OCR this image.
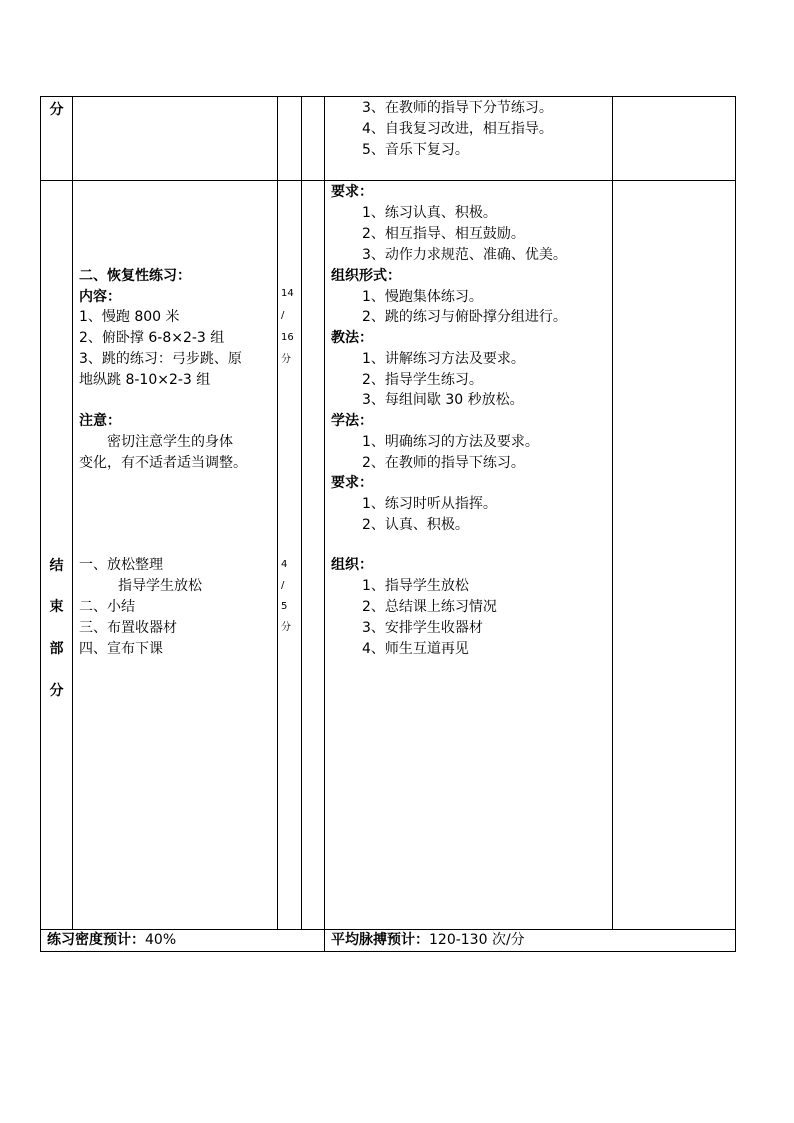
分	3、在教师的指导下分节练习。
4、自我复习改进，相互指导。
5、音乐下复习。
二、恢复性练习：
内容：
1、慢跑 800 米
2、俯卧撑 6-8×2-3 组
3、跳的练习：弓步跳、原
地纵跳 8-10×2-3 组
注意：
密切注意学生的身体
变化，有不适者适当调整。
一、放松整理
指导学生放松
二、小结
三、布置收器材
四、宣布下课
14
/
16
分
4
/
5
分
结
束
部
分
要求：
1、练习认真、积极。
2、相互指导、相互鼓励。
3、动作力求规范、准确、优美。
组织形式：
1、慢跑集体练习。
2、跳的练习与俯卧撑分组进行。
教法：
1、讲解练习方法及要求。
2、指导学生练习。
3、每组间歇 30 秒放松。
学法：
1、明确练习的方法及要求。
2、在教师的指导下练习。
要求：
1、练习时听从指挥。
2、认真、积极。
组织：
1、指导学生放松
2、总结课上练习情况
3、安排学生收器材
4、师生互道再见
练习密度预计：40%	平均脉搏预计：120-130 次/分
